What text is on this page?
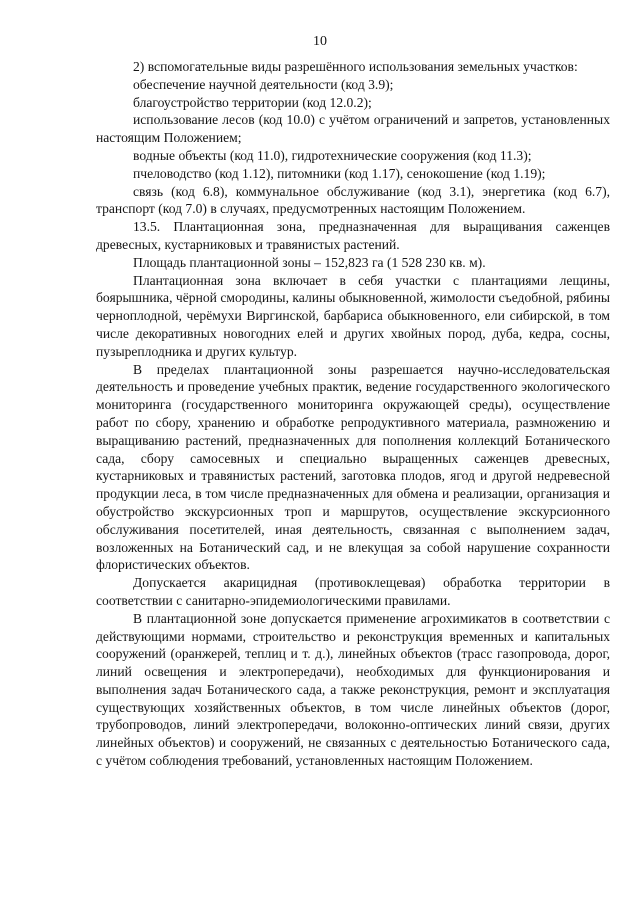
10

2) вспомогательные виды разрешённого использования земельных участков:

обеспечение научной деятельности (код 3.9);

благоустройство территории (код 12.0.2);

использование лесов (код 10.0) с учётом ограничений и запретов, установленных настоящим Положением;

водные объекты (код 11.0), гидротехнические сооружения (код 11.3);

пчеловодство (код 1.12), питомники (код 1.17), сенокошение (код 1.19);

связь (код 6.8), коммунальное обслуживание (код 3.1), энергетика (код 6.7), транспорт (код 7.0) в случаях, предусмотренных настоящим Положением.

13.5. Плантационная зона, предназначенная для выращивания саженцев древесных, кустарниковых и травянистых растений.

Площадь плантационной зоны – 152,823 га (1 528 230 кв. м).

Плантационная зона включает в себя участки с плантациями лещины, боярышника, чёрной смородины, калины обыкновенной, жимолости съедобной, рябины черноплодной, черёмухи Виргинской, барбариса обыкновенного, ели сибирской, в том числе декоративных новогодних елей и других хвойных пород, дуба, кедра, сосны, пузыреплодника и других культур.

В пределах плантационной зоны разрешается научно-исследовательская деятельность и проведение учебных практик, ведение государственного экологического мониторинга (государственного мониторинга окружающей среды), осуществление работ по сбору, хранению и обработке репродуктивного материала, размножению и выращиванию растений, предназначенных для пополнения коллекций Ботанического сада, сбору самосевных и специально выращенных саженцев древесных, кустарниковых и травянистых растений, заготовка плодов, ягод и другой недревесной продукции леса, в том числе предназначенных для обмена и реализации, организация и обустройство экскурсионных троп и маршрутов, осуществление экскурсионного обслуживания посетителей, иная деятельность, связанная с выполнением задач, возложенных на Ботанический сад, и не влекущая за собой нарушение сохранности флористических объектов.

Допускается акарицидная (противоклещевая) обработка территории в соответствии с санитарно-эпидемиологическими правилами.

В плантационной зоне допускается применение агрохимикатов в соответствии с действующими нормами, строительство и реконструкция временных и капитальных сооружений (оранжерей, теплиц и т. д.), линейных объектов (трасс газопровода, дорог, линий освещения и электропередачи), необходимых для функционирования и выполнения задач Ботанического сада, а также реконструкция, ремонт и эксплуатация существующих хозяйственных объектов, в том числе линейных объектов (дорог, трубопроводов, линий электропередачи, волоконно-оптических линий связи, других линейных объектов) и сооружений, не связанных с деятельностью Ботанического сада, с учётом соблюдения требований, установленных настоящим Положением.
